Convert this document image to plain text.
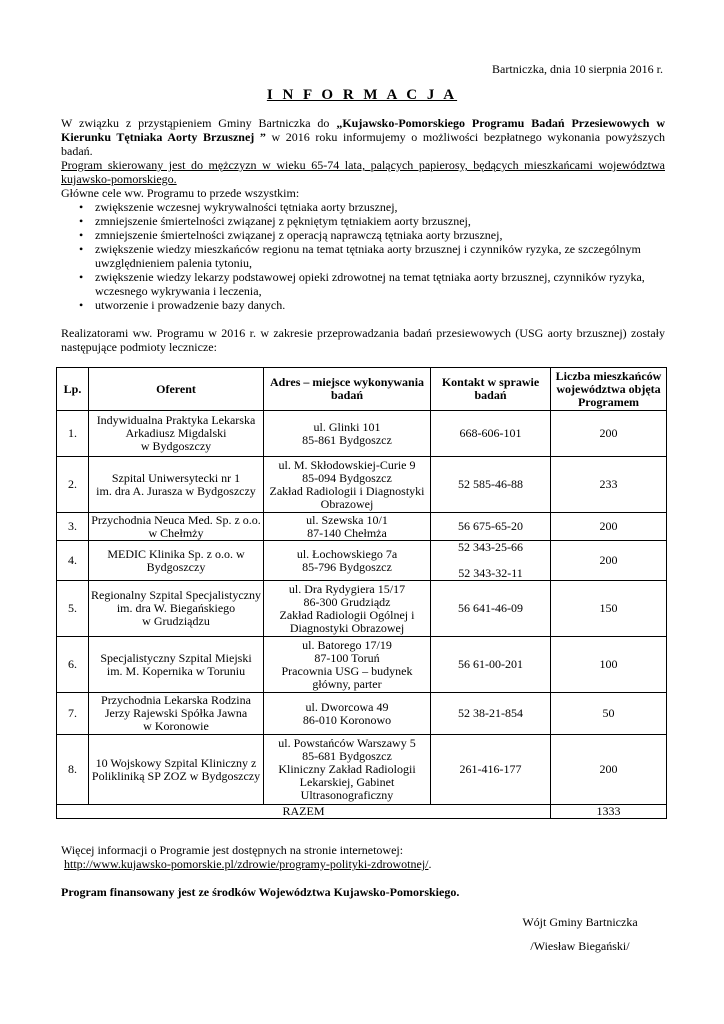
Bartniczka, dnia 10 sierpnia 2016 r.
I N F O R M A C J A

W związku z przystąpieniem Gminy Bartniczka do „Kujawsko-Pomorskiego Programu Badań Przesiewowych w Kierunku Tętniaka Aorty Brzusznej ” w 2016 roku informujemy o możliwości bezpłatnego wykonania powyższych badań.

Program skierowany jest do mężczyzn w wieku 65-74 lata, palących papierosy, będących mieszkańcami województwa kujawsko-pomorskiego.

Główne cele ww. Programu to przede wszystkim:

• zwiększenie wczesnej wykrywalności tętniaka aorty brzusznej,
• zmniejszenie śmiertelności związanej z pękniętym tętniakiem aorty brzusznej,
• zmniejszenie śmiertelności związanej z operacją naprawczą tętniaka aorty brzusznej,
• zwiększenie wiedzy mieszkańców regionu na temat tętniaka aorty brzusznej i czynników ryzyka, ze szczególnym uwzględnieniem palenia tytoniu,
• zwiększenie wiedzy lekarzy podstawowej opieki zdrowotnej na temat tętniaka aorty brzusznej, czynników ryzyka, wczesnego wykrywania i leczenia,
• utworzenie i prowadzenie bazy danych.

Realizatorami ww. Programu w 2016 r. w zakresie przeprowadzania badań przesiewowych (USG aorty brzusznej) zostały następujące podmioty lecznicze:

Lp.	Oferent	Adres – miejsce wykonywania badań	Kontakt w sprawie badań	Liczba mieszkańców województwa objęta Programem
1.	Indywidualna Praktyka Lekarska
Arkadiusz Migdalski
w Bydgoszczy	ul. Glinki 101
85-861 Bydgoszcz	668-606-101	200
2.	Szpital Uniwersytecki nr 1
im. dra A. Jurasza w Bydgoszczy	ul. M. Skłodowskiej-Curie 9
85-094 Bydgoszcz
Zakład Radiologii i Diagnostyki
Obrazowej	52 585-46-88	233
3.	Przychodnia Neuca Med. Sp. z o.o.
w Chełmży	ul. Szewska 10/1
87-140 Chełmża	56 675-65-20	200
4.	MEDIC Klinika Sp. z o.o. w
Bydgoszczy	ul. Łochowskiego 7a
85-796 Bydgoszcz	52 343-25-66

52 343-32-11	200
5.	Regionalny Szpital Specjalistyczny
im. dra W. Biegańskiego
w Grudziądzu	ul. Dra Rydygiera 15/17
86-300 Grudziądz
Zakład Radiologii Ogólnej i
Diagnostyki Obrazowej	56 641-46-09	150
6.	Specjalistyczny Szpital Miejski
im. M. Kopernika w Toruniu	ul. Batorego 17/19
87-100 Toruń
Pracownia USG – budynek
główny, parter	56 61-00-201	100
7.	Przychodnia Lekarska Rodzina
Jerzy Rajewski Spółka Jawna
w Koronowie	ul. Dworcowa 49
86-010 Koronowo	52 38-21-854	50
8.	10 Wojskowy Szpital Kliniczny z
Polikliniką SP ZOZ w Bydgoszczy	ul. Powstańców Warszawy 5
85-681 Bydgoszcz
Kliniczny Zakład Radiologii
Lekarskiej, Gabinet
Ultrasonograficzny	261-416-177	200
RAZEM				1333

Więcej informacji o Programie jest dostępnych na stronie internetowej:

http://www.kujawsko-pomorskie.pl/zdrowie/programy-polityki-zdrowotnej/.

Program finansowany jest ze środków Województwa Kujawsko-Pomorskiego.

Wójt Gminy Bartniczka
/Wiesław Biegański/
